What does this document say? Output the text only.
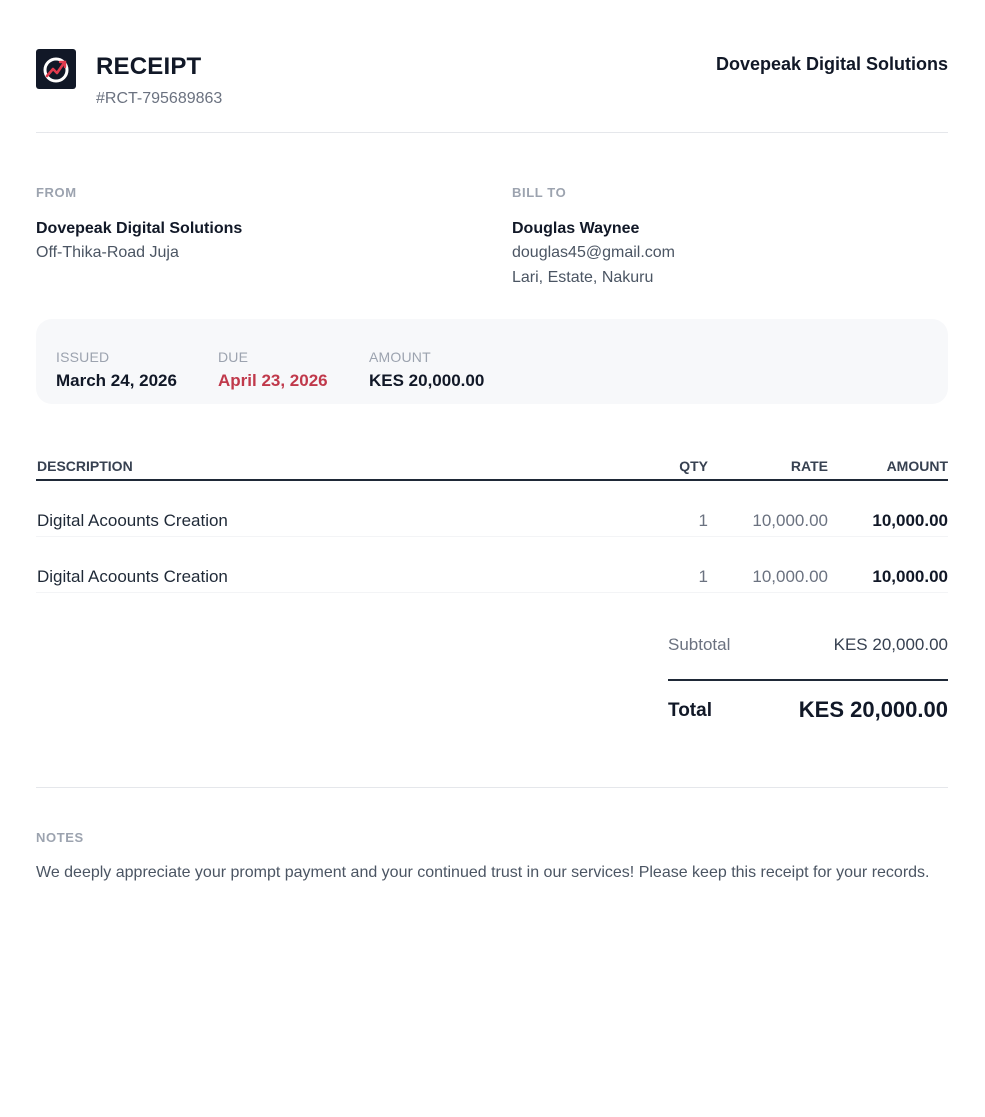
RECEIPT
#RCT-795689863
Dovepeak Digital Solutions
FROM
Dovepeak Digital Solutions
Off-Thika-Road Juja
BILL TO
Douglas Waynee
douglas45@gmail.com
Lari, Estate, Nakuru
ISSUED
March 24, 2026
DUE
April 23, 2026
AMOUNT
KES 20,000.00
DESCRIPTION	QTY	RATE	AMOUNT
Digital Acoounts Creation	1	10,000.00	10,000.00
Digital Acoounts Creation	1	10,000.00	10,000.00
Subtotal	KES 20,000.00
Total	KES 20,000.00
NOTES
We deeply appreciate your prompt payment and your continued trust in our services! Please keep this receipt for your records.
